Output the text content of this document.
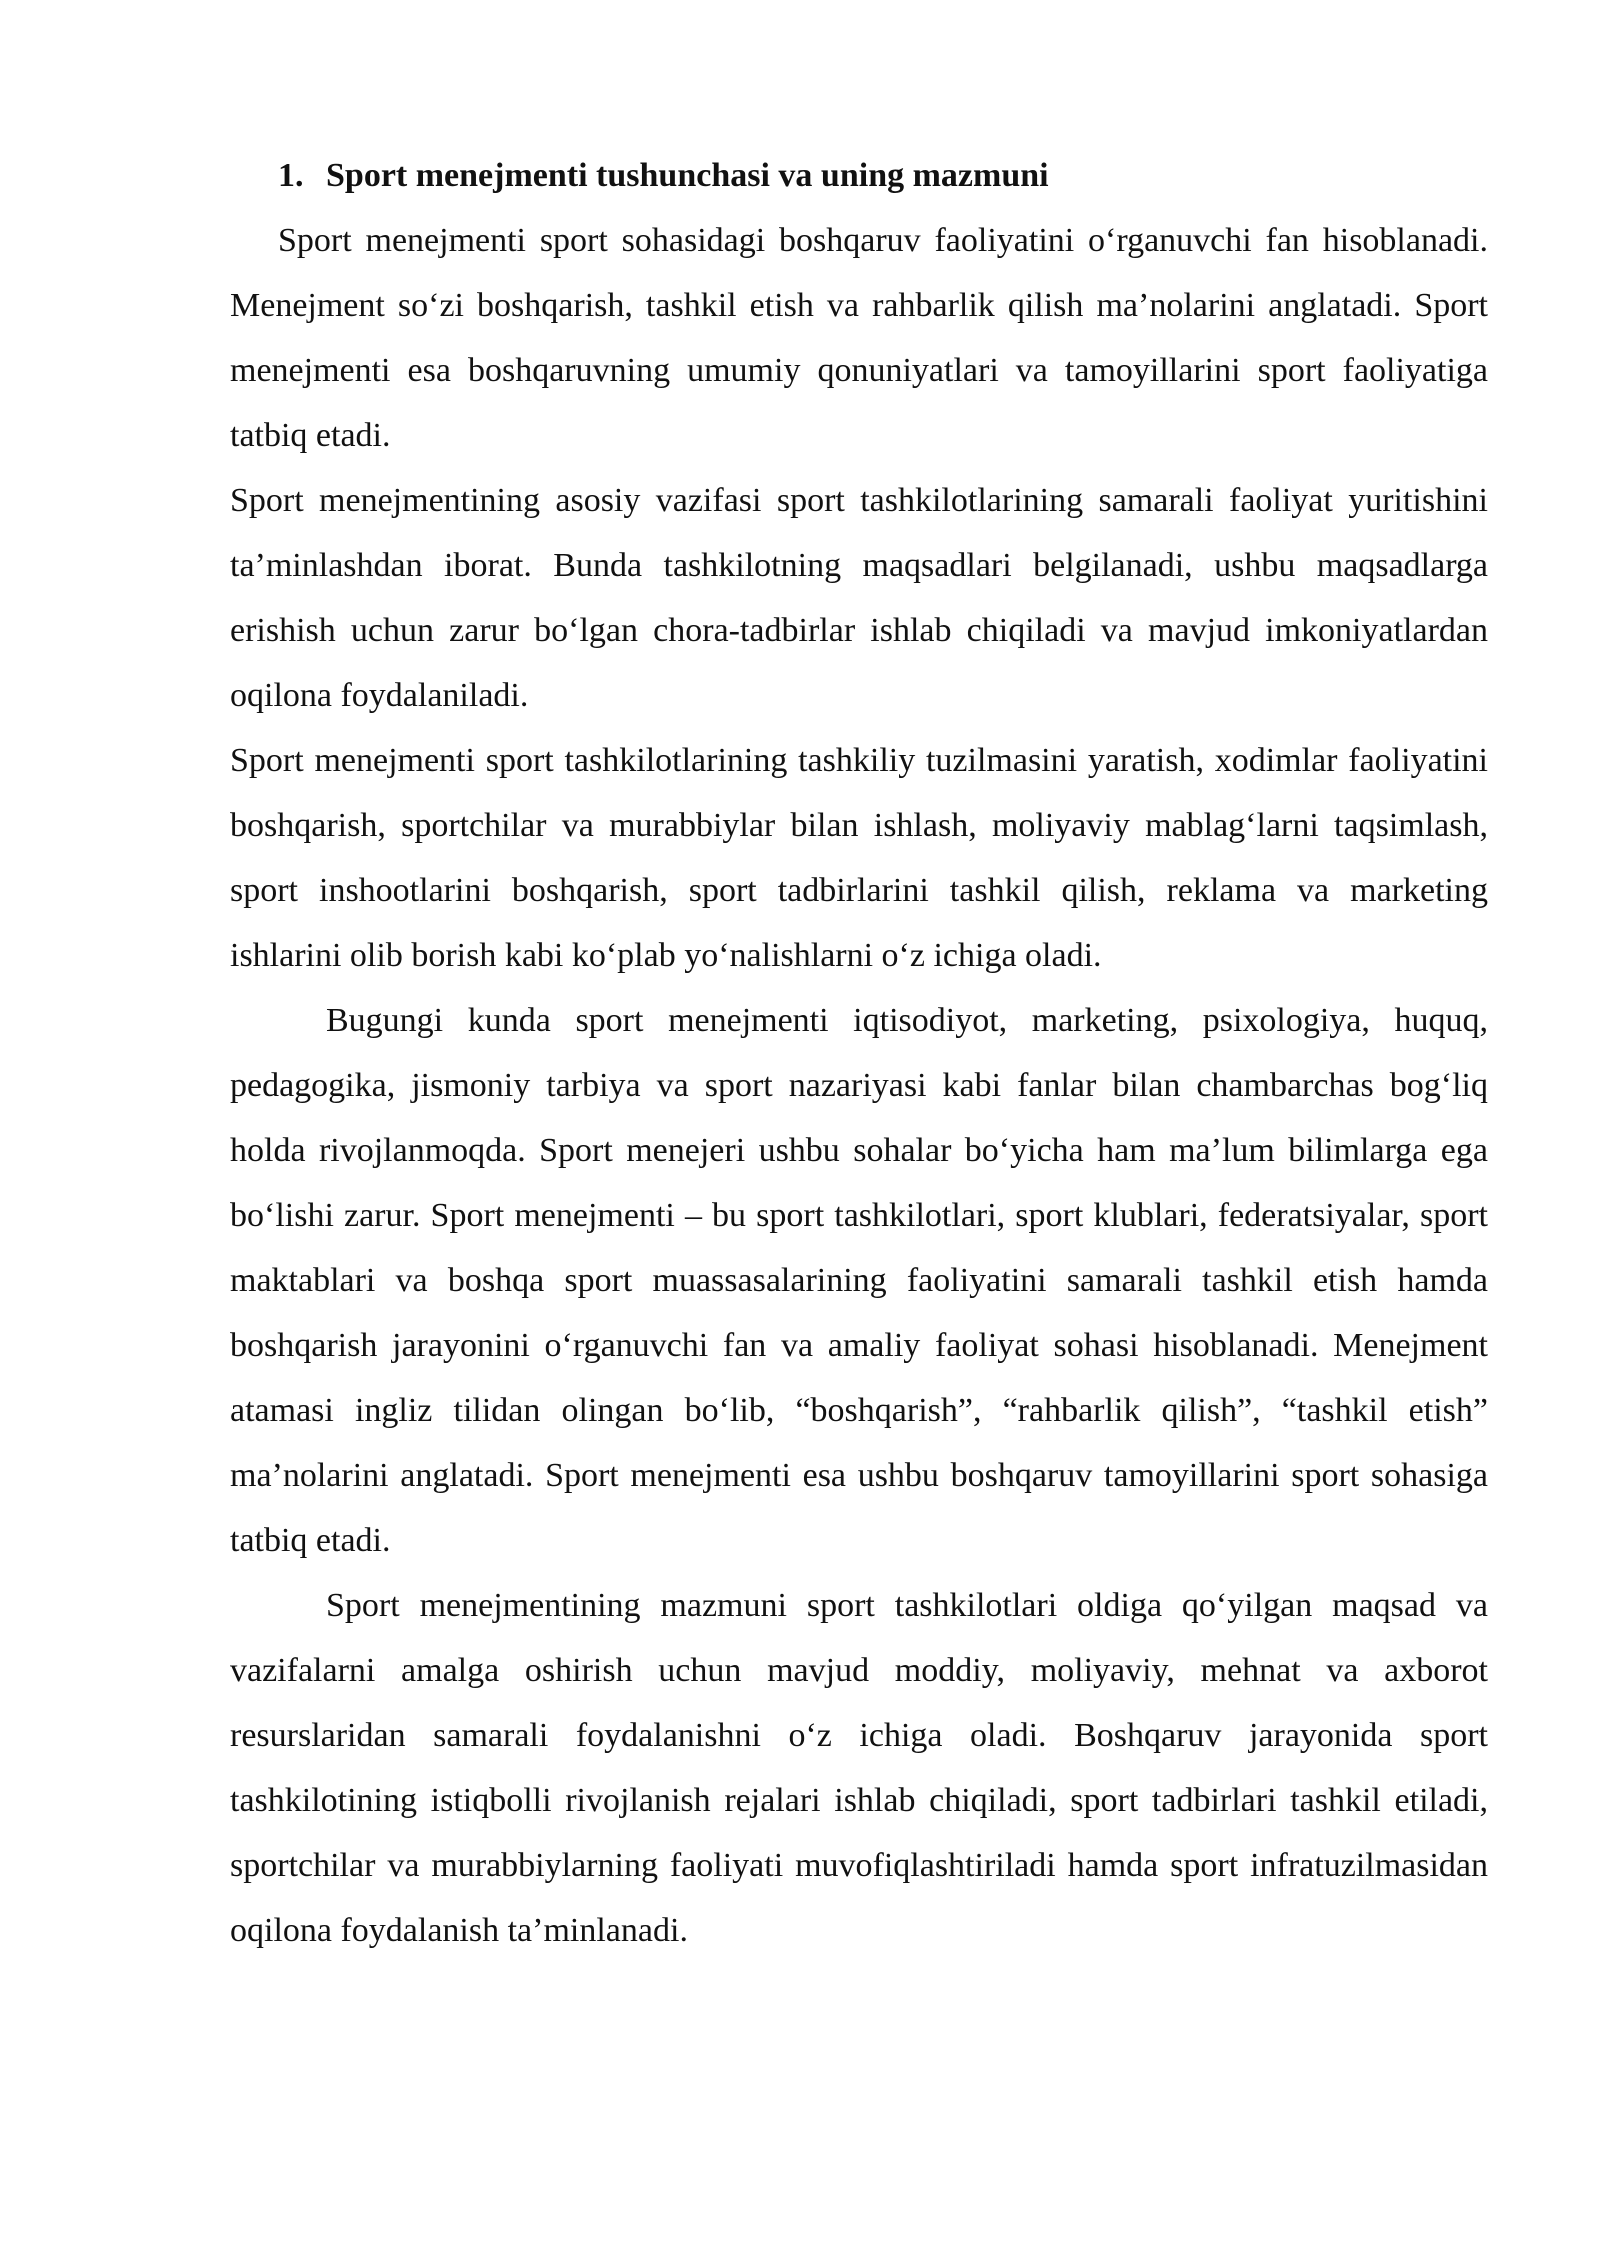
1. Sport menejmenti tushunchasi va uning mazmuni

Sport menejmenti sport sohasidagi boshqaruv faoliyatini o‘rganuvchi fan hisoblanadi. Menejment so‘zi boshqarish, tashkil etish va rahbarlik qilish ma’nolarini anglatadi. Sport menejmenti esa boshqaruvning umumiy qonuniyatlari va tamoyillarini sport faoliyatiga tatbiq etadi.

Sport menejmentining asosiy vazifasi sport tashkilotlarining samarali faoliyat yuritishini ta’minlashdan iborat. Bunda tashkilotning maqsadlari belgilanadi, ushbu maqsadlarga erishish uchun zarur bo‘lgan chora-tadbirlar ishlab chiqiladi va mavjud imkoniyatlardan oqilona foydalaniladi.

Sport menejmenti sport tashkilotlarining tashkiliy tuzilmasini yaratish, xodimlar faoliyatini boshqarish, sportchilar va murabbiylar bilan ishlash, moliyaviy mablag‘larni taqsimlash, sport inshootlarini boshqarish, sport tadbirlarini tashkil qilish, reklama va marketing ishlarini olib borish kabi ko‘plab yo‘nalishlarni o‘z ichiga oladi.

Bugungi kunda sport menejmenti iqtisodiyot, marketing, psixologiya, huquq, pedagogika, jismoniy tarbiya va sport nazariyasi kabi fanlar bilan chambarchas bog‘liq holda rivojlanmoqda. Sport menejeri ushbu sohalar bo‘yicha ham ma’lum bilimlarga ega bo‘lishi zarur. Sport menejmenti – bu sport tashkilotlari, sport klublari, federatsiyalar, sport maktablari va boshqa sport muassasalarining faoliyatini samarali tashkil etish hamda boshqarish jarayonini o‘rganuvchi fan va amaliy faoliyat sohasi hisoblanadi. Menejment atamasi ingliz tilidan olingan bo‘lib, “boshqarish”, “rahbarlik qilish”, “tashkil etish” ma’nolarini anglatadi. Sport menejmenti esa ushbu boshqaruv tamoyillarini sport sohasiga tatbiq etadi.

Sport menejmentining mazmuni sport tashkilotlari oldiga qo‘yilgan maqsad va vazifalarni amalga oshirish uchun mavjud moddiy, moliyaviy, mehnat va axborot resurslaridan samarali foydalanishni o‘z ichiga oladi. Boshqaruv jarayonida sport tashkilotining istiqbolli rivojlanish rejalari ishlab chiqiladi, sport tadbirlari tashkil etiladi, sportchilar va murabbiylarning faoliyati muvofiqlashtiriladi hamda sport infratuzilmasidan oqilona foydalanish ta’minlanadi.
